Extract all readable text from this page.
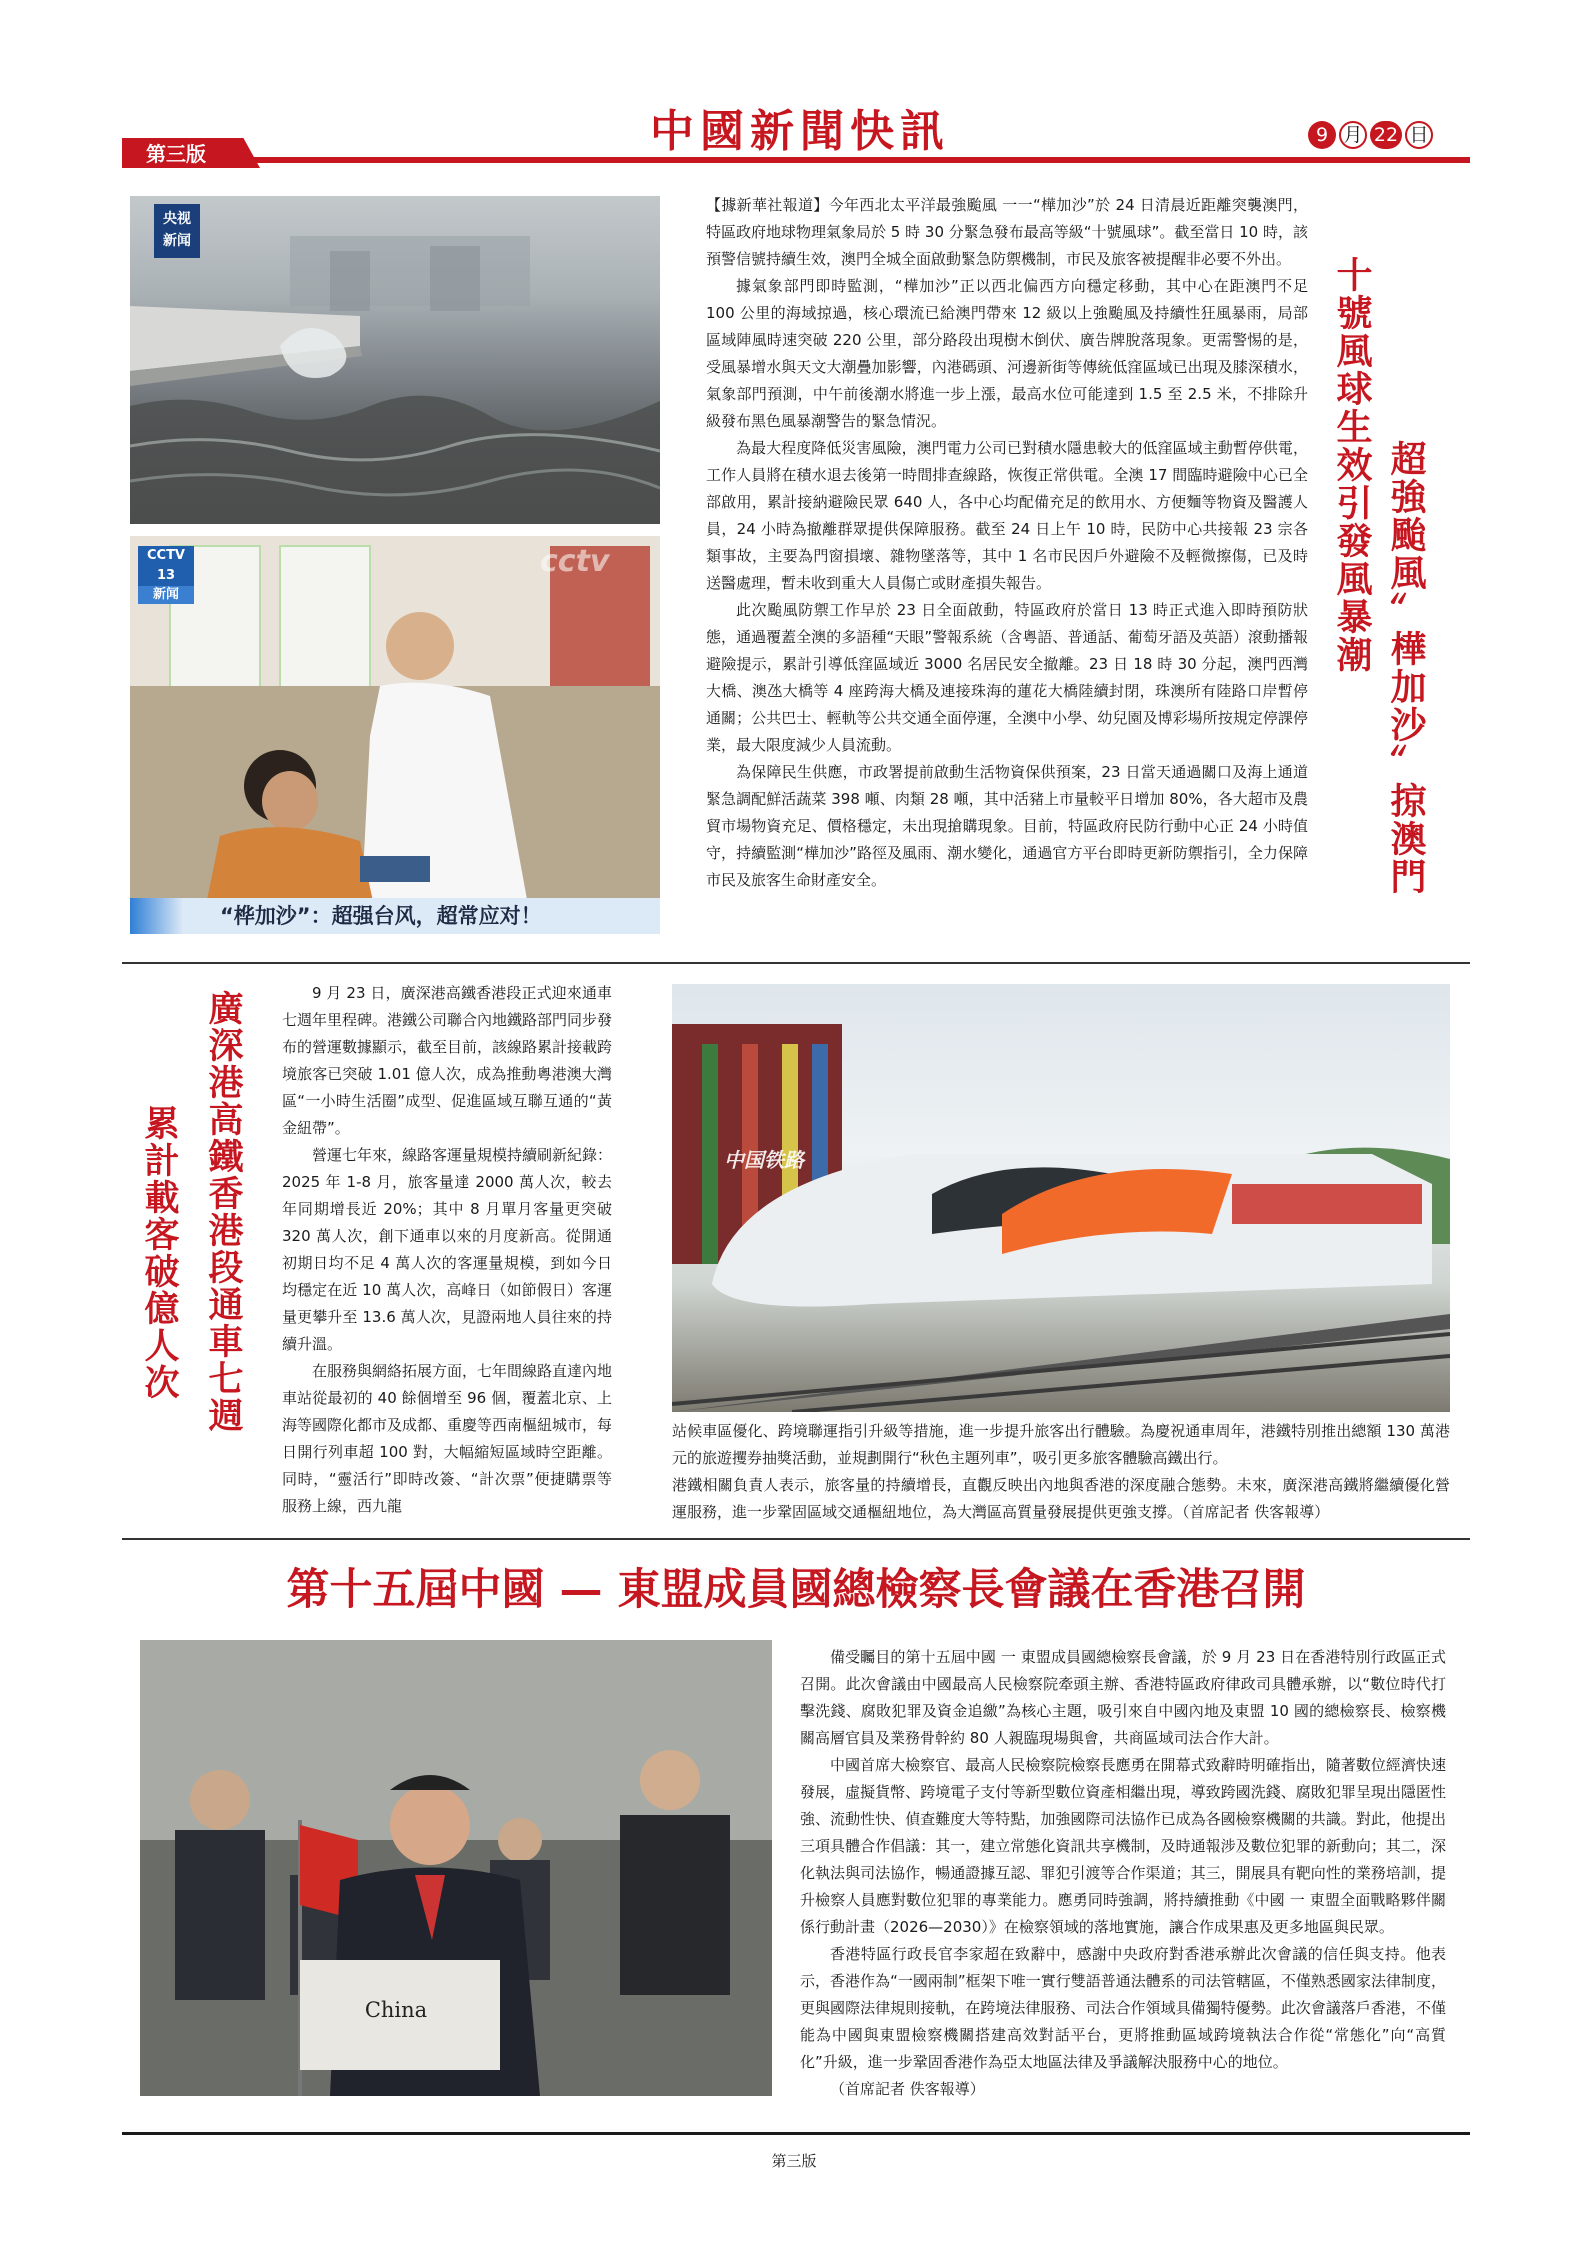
中國新聞快訊	9 月 22 日
第三版
央视
新闻
CCTV 13
新闻
cctv
“桦加沙”：超强台风，超常应对！

【據新華社報道】今年西北太平洋最強颱風 一一“樺加沙”於 24 日清晨近距離突襲澳門，特區政府地球物理氣象局於 5 時 30 分緊急發布最高等級“十號風球”。截至當日 10 時，該預警信號持續生效，澳門全城全面啟動緊急防禦機制，市民及旅客被提醒非必要不外出。

據氣象部門即時監測，“樺加沙”正以西北偏西方向穩定移動，其中心在距澳門不足 100 公里的海域掠過，核心環流已給澳門帶來 12 級以上強颱風及持續性狂風暴雨，局部區域陣風時速突破 220 公里，部分路段出現樹木倒伏、廣告牌脫落現象。更需警惕的是，受風暴增水與天文大潮疊加影響，內港碼頭、河邊新街等傳統低窪區域已出現及膝深積水，氣象部門預測，中午前後潮水將進一步上漲，最高水位可能達到 1.5 至 2.5 米，不排除升級發布黑色風暴潮警告的緊急情況。

為最大程度降低災害風險，澳門電力公司已對積水隱患較大的低窪區域主動暫停供電，工作人員將在積水退去後第一時間排查線路，恢復正常供電。全澳 17 間臨時避險中心已全部啟用，累計接納避險民眾 640 人，各中心均配備充足的飲用水、方便麵等物資及醫護人員，24 小時為撤離群眾提供保障服務。截至 24 日上午 10 時，民防中心共接報 23 宗各類事故，主要為門窗損壞、雜物墜落等，其中 1 名市民因戶外避險不及輕微擦傷，已及時送醫處理，暫未收到重大人員傷亡或財產損失報告。

此次颱風防禦工作早於 23 日全面啟動，特區政府於當日 13 時正式進入即時預防狀態，通過覆蓋全澳的多語種“天眼”警報系統（含粵語、普通話、葡萄牙語及英語）滾動播報避險提示，累計引導低窪區域近 3000 名居民安全撤離。23 日 18 時 30 分起，澳門西灣大橋、澳氹大橋等 4 座跨海大橋及連接珠海的蓮花大橋陸續封閉，珠澳所有陸路口岸暫停通關；公共巴士、輕軌等公共交通全面停運，全澳中小學、幼兒園及博彩場所按規定停課停業，最大限度減少人員流動。

為保障民生供應，市政署提前啟動生活物資保供預案，23 日當天通過關口及海上通道緊急調配鮮活蔬菜 398 噸、肉類 28 噸，其中活豬上市量較平日增加 80%，各大超市及農貿市場物資充足、價格穩定，未出現搶購現象。目前，特區政府民防行動中心正 24 小時值守，持續監測“樺加沙”路徑及風雨、潮水變化，通過官方平台即時更新防禦指引，全力保障市民及旅客生命財產安全。

十號風球生效引發風暴潮 超強颱風〞樺加沙〞掠澳門
廣深港高鐵香港段通車七週
累計載客破億人次

9 月 23 日，廣深港高鐵香港段正式迎來通車七週年里程碑。港鐵公司聯合內地鐵路部門同步發布的營運數據顯示，截至目前，該線路累計接載跨境旅客已突破 1.01 億人次，成為推動粵港澳大灣區“一小時生活圈”成型、促進區域互聯互通的“黃金紐帶”。

營運七年來，線路客運量規模持續刷新紀錄：2025 年 1-8 月，旅客量達 2000 萬人次，較去年同期增長近 20%；其中 8 月單月客量更突破 320 萬人次，創下通車以來的月度新高。從開通初期日均不足 4 萬人次的客運量規模，到如今日均穩定在近 10 萬人次，高峰日（如節假日）客運量更攀升至 13.6 萬人次，見證兩地人員往來的持續升溫。

在服務與網絡拓展方面，七年間線路直達內地車站從最初的 40 餘個增至 96 個，覆蓋北京、上海等國際化都市及成都、重慶等西南樞紐城市，每日開行列車超 100 對，大幅縮短區域時空距離。同時，“靈活行”即時改簽、“計次票”便捷購票等服務上線，西九龍

中国铁路

站候車區優化、跨境聯運指引升級等措施，進一步提升旅客出行體驗。為慶祝通車周年，港鐵特別推出總額 130 萬港元的旅遊攫券抽獎活動，並規劃開行“秋色主題列車”，吸引更多旅客體驗高鐵出行。

港鐵相關負責人表示，旅客量的持續增長，直觀反映出內地與香港的深度融合態勢。未來，廣深港高鐵將繼續優化營運服務，進一步鞏固區域交通樞紐地位，為大灣區高質量發展提供更強支撐。（首席記者 佚客報導）

第十五屆中國 — 東盟成員國總檢察長會議在香港召開
China

備受矚目的第十五屆中國 一 東盟成員國總檢察長會議，於 9 月 23 日在香港特別行政區正式召開。此次會議由中國最高人民檢察院牽頭主辦、香港特區政府律政司具體承辦，以“數位時代打擊洗錢、腐敗犯罪及資金追繳”為核心主題，吸引來自中國內地及東盟 10 國的總檢察長、檢察機關高層官員及業務骨幹約 80 人親臨現場與會，共商區域司法合作大計。

中國首席大檢察官、最高人民檢察院檢察長應勇在開幕式致辭時明確指出，隨著數位經濟快速發展，虛擬貨幣、跨境電子支付等新型數位資產相繼出現，導致跨國洗錢、腐敗犯罪呈現出隱匿性強、流動性快、偵查難度大等特點，加強國際司法協作已成為各國檢察機關的共識。對此，他提出三項具體合作倡議：其一，建立常態化資訊共享機制，及時通報涉及數位犯罪的新動向；其二，深化執法與司法協作，暢通證據互認、罪犯引渡等合作渠道；其三，開展具有靶向性的業務培訓，提升檢察人員應對數位犯罪的專業能力。應勇同時強調，將持續推動《中國 一 東盟全面戰略夥伴關係行動計畫（2026—2030）》在檢察領域的落地實施，讓合作成果惠及更多地區與民眾。

香港特區行政長官李家超在致辭中，感謝中央政府對香港承辦此次會議的信任與支持。他表示，香港作為“一國兩制”框架下唯一實行雙語普通法體系的司法管轄區，不僅熟悉國家法律制度，更與國際法律規則接軌，在跨境法律服務、司法合作領域具備獨特優勢。此次會議落戶香港，不僅能為中國與東盟檢察機關搭建高效對話平台，更將推動區域跨境執法合作從“常態化”向“高質化”升級，進一步鞏固香港作為亞太地區法律及爭議解決服務中心的地位。

（首席記者 佚客報導）

第三版
